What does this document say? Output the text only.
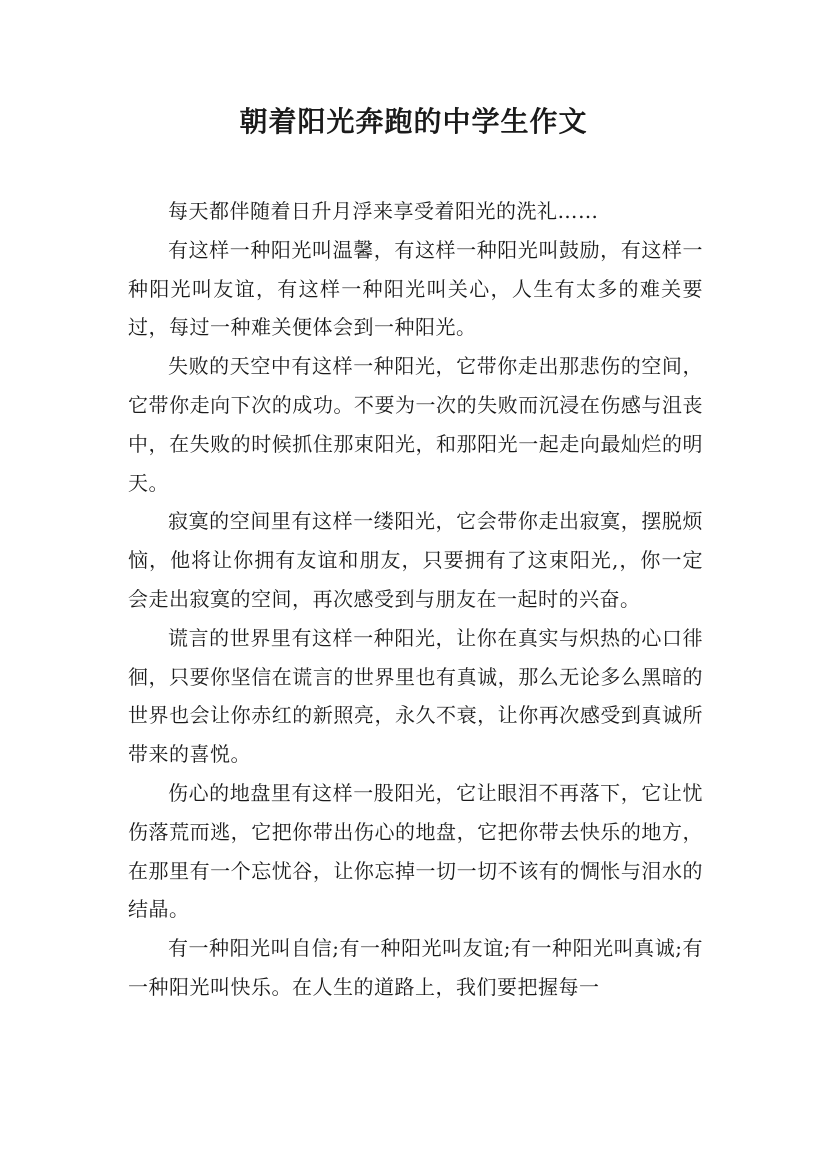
朝着阳光奔跑的中学生作文

每天都伴随着日升月浮来享受着阳光的洗礼……

有这样一种阳光叫温馨，有这样一种阳光叫鼓励，有这样一种阳光叫友谊，有这样一种阳光叫关心，人生有太多的难关要过，每过一种难关便体会到一种阳光。

失败的天空中有这样一种阳光，它带你走出那悲伤的空间，它带你走向下次的成功。不要为一次的失败而沉浸在伤感与沮丧中，在失败的时候抓住那束阳光，和那阳光一起走向最灿烂的明天。

寂寞的空间里有这样一缕阳光，它会带你走出寂寞，摆脱烦恼，他将让你拥有友谊和朋友，只要拥有了这束阳光,，你一定会走出寂寞的空间，再次感受到与朋友在一起时的兴奋。

谎言的世界里有这样一种阳光，让你在真实与炽热的心口徘徊，只要你坚信在谎言的世界里也有真诚，那么无论多么黑暗的世界也会让你赤红的新照亮，永久不衰，让你再次感受到真诚所带来的喜悦。

伤心的地盘里有这样一股阳光，它让眼泪不再落下，它让忧伤落荒而逃，它把你带出伤心的地盘，它把你带去快乐的地方，在那里有一个忘忧谷，让你忘掉一切一切不该有的惆怅与泪水的结晶。

有一种阳光叫自信;有一种阳光叫友谊;有一种阳光叫真诚;有一种阳光叫快乐。在人生的道路上，我们要把握每一
